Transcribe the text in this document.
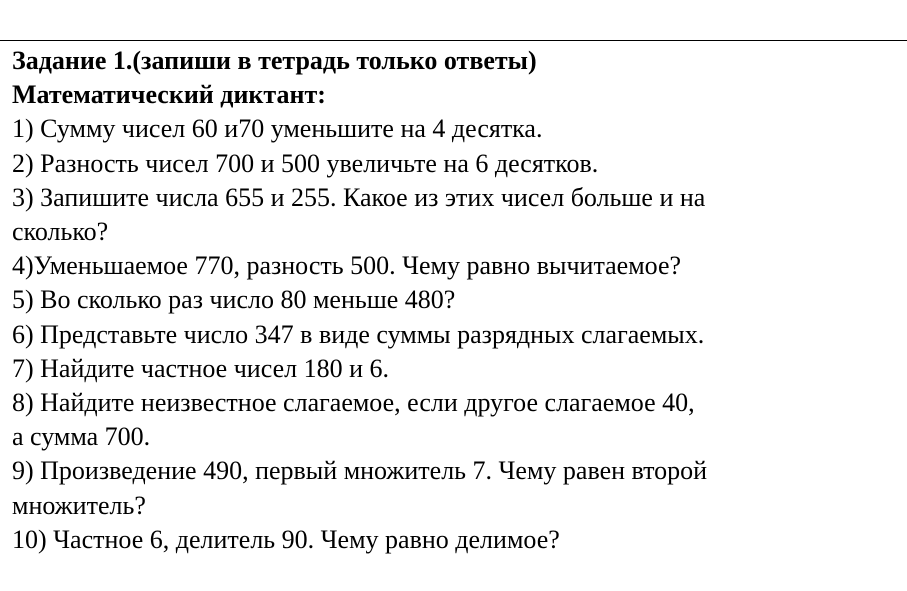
Задание 1.(запиши в тетрадь только ответы)
Математический диктант:
1) Сумму чисел 60 и70 уменьшите на 4 десятка.
2) Разность чисел 700 и 500 увеличьте на 6 десятков.
3) Запишите числа 655 и 255. Какое из этих чисел больше и на
сколько?
4)Уменьшаемое 770, разность 500. Чему равно вычитаемое?
5) Во сколько раз число 80 меньше 480?
6) Представьте число 347 в виде суммы разрядных слагаемых.
7) Найдите частное чисел 180 и 6.
8) Найдите неизвестное слагаемое, если другое слагаемое 40,
а сумма 700.
9) Произведение 490, первый множитель 7. Чему равен второй
множитель?
10) Частное 6, делитель 90. Чему равно делимое?
